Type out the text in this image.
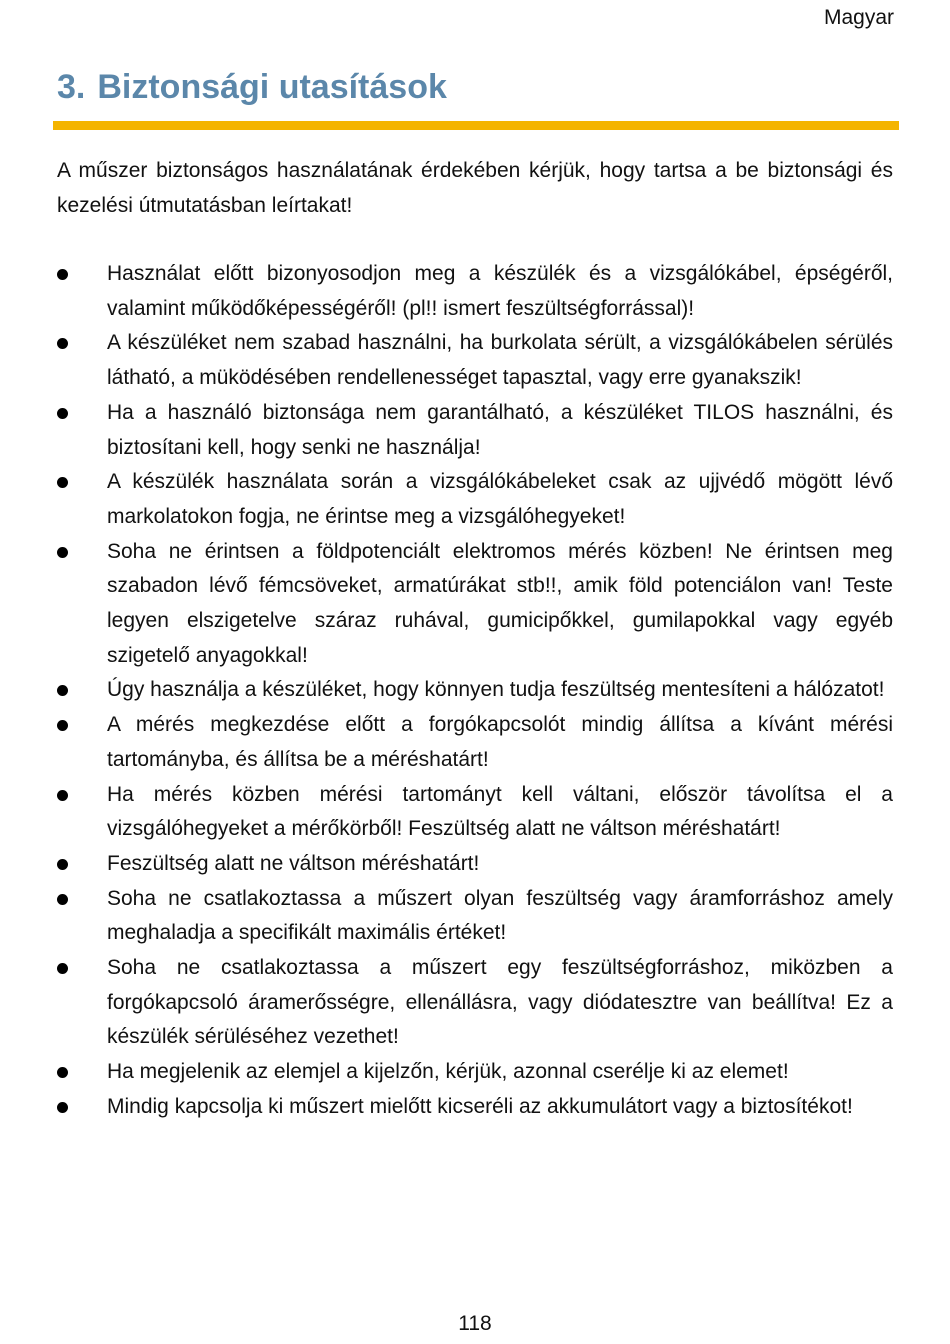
Magyar
3. Biztonsági utasítások

A műszer biztonságos használatának érdekében kérjük, hogy tartsa a be biztonsági és kezelési útmutatásban leírtakat!

Használat előtt bizonyosodjon meg a készülék és a vizsgálókábel, épségéről, valamint működőképességéről! (pl!! ismert feszültségforrással)!
A készüléket nem szabad használni, ha burkolata sérült, a vizsgálókábelen sérülés látható, a müködésében rendellenességet tapasztal, vagy erre gyanakszik!
Ha a használó biztonsága nem garantálható, a készüléket TILOS használni, és biztosítani kell, hogy senki ne használja!
A készülék használata során a vizsgálókábeleket csak az ujjvédő mögött lévő markolatokon fogja, ne érintse meg a vizsgálóhegyeket!
Soha ne érintsen a földpotenciált elektromos mérés közben! Ne érintsen meg szabadon lévő fémcsöveket, armatúrákat stb!!, amik föld potenciálon van! Teste legyen elszigetelve száraz ruhával, gumicipőkkel, gumilapokkal vagy egyéb szigetelő anyagokkal!
Úgy használja a készüléket, hogy könnyen tudja feszültség mentesíteni a hálózatot!
A mérés megkezdése előtt a forgókapcsolót mindig állítsa a kívánt mérési tartományba, és állítsa be a méréshatárt!
Ha mérés közben mérési tartományt kell váltani, először távolítsa el a vizsgálóhegyeket a mérőkörből! Feszültség alatt ne váltson méréshatárt!
Feszültség alatt ne váltson méréshatárt!
Soha ne csatlakoztassa a műszert olyan feszültség vagy áramforráshoz amely meghaladja a specifikált maximális értéket!
Soha ne csatlakoztassa a műszert egy feszültségforráshoz, miközben a forgókapcsoló áramerősségre, ellenállásra, vagy diódatesztre van beállítva! Ez a készülék sérüléséhez vezethet!
Ha megjelenik az elemjel a kijelzőn, kérjük, azonnal cserélje ki az elemet!
Mindig kapcsolja ki műszert mielőtt kicseréli az akkumulátort vagy a biztosítékot!
118
